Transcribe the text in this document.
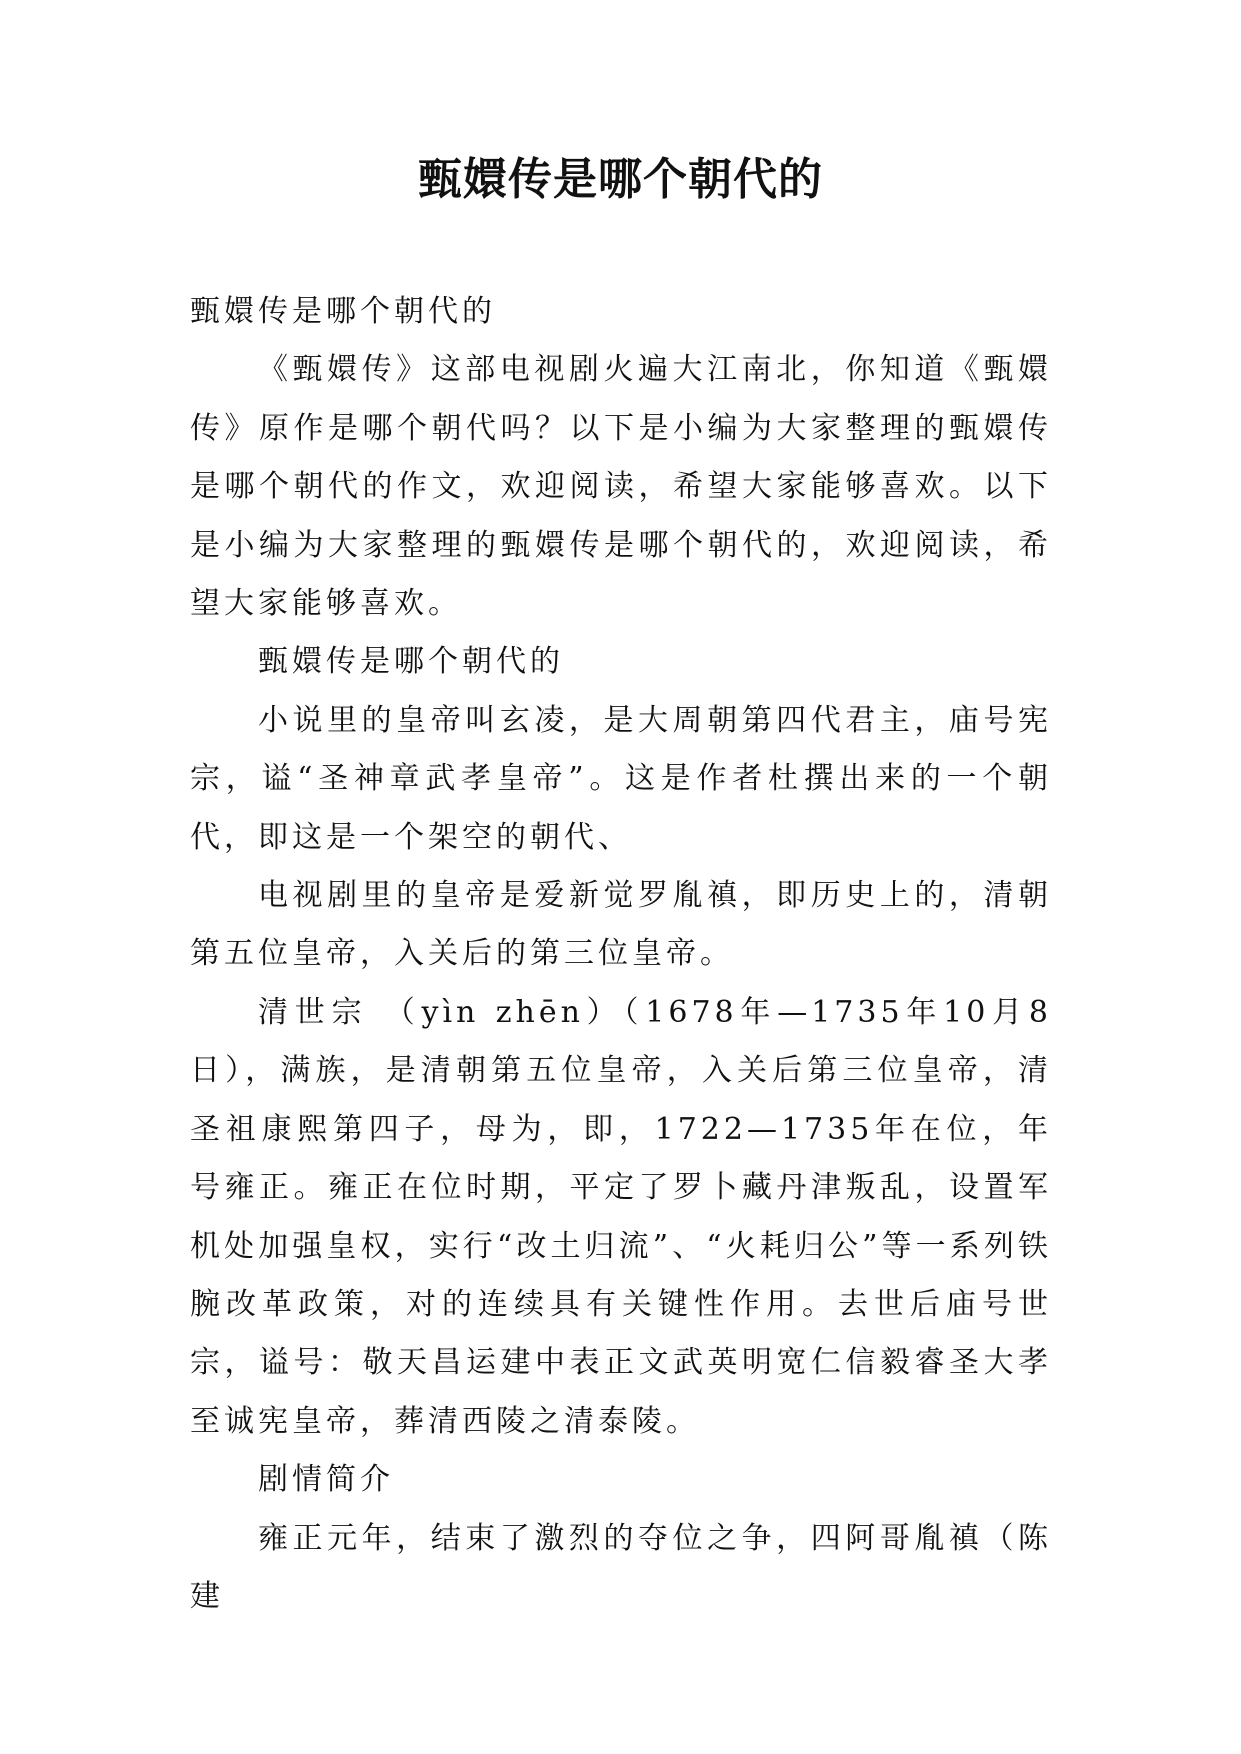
甄嬛传是哪个朝代的

甄嬛传是哪个朝代的

《甄嬛传》这部电视剧火遍大江南北，你知道《甄嬛传》原作是哪个朝代吗？以下是小编为大家整理的甄嬛传是哪个朝代的作文，欢迎阅读，希望大家能够喜欢。以下是小编为大家整理的甄嬛传是哪个朝代的，欢迎阅读，希望大家能够喜欢。

甄嬛传是哪个朝代的

小说里的皇帝叫玄凌，是大周朝第四代君主，庙号宪宗，谥“圣神章武孝皇帝”。这是作者杜撰出来的一个朝代，即这是一个架空的朝代、

电视剧里的皇帝是爱新觉罗胤禛，即历史上的，清朝第五位皇帝，入关后的第三位皇帝。

清世宗 （yìn zhēn）（1678年—1735年10月8日），满族，是清朝第五位皇帝，入关后第三位皇帝，清圣祖康熙第四子，母为，即，1722—1735年在位，年号雍正。雍正在位时期，平定了罗卜藏丹津叛乱，设置军机处加强皇权，实行“改土归流”、“火耗归公”等一系列铁腕改革政策，对的连续具有关键性作用。去世后庙号世宗，谥号：敬天昌运建中表正文武英明宽仁信毅睿圣大孝至诚宪皇帝，葬清西陵之清泰陵。

剧情简介

雍正元年，结束了激烈的夺位之争，四阿哥胤禛（陈建
